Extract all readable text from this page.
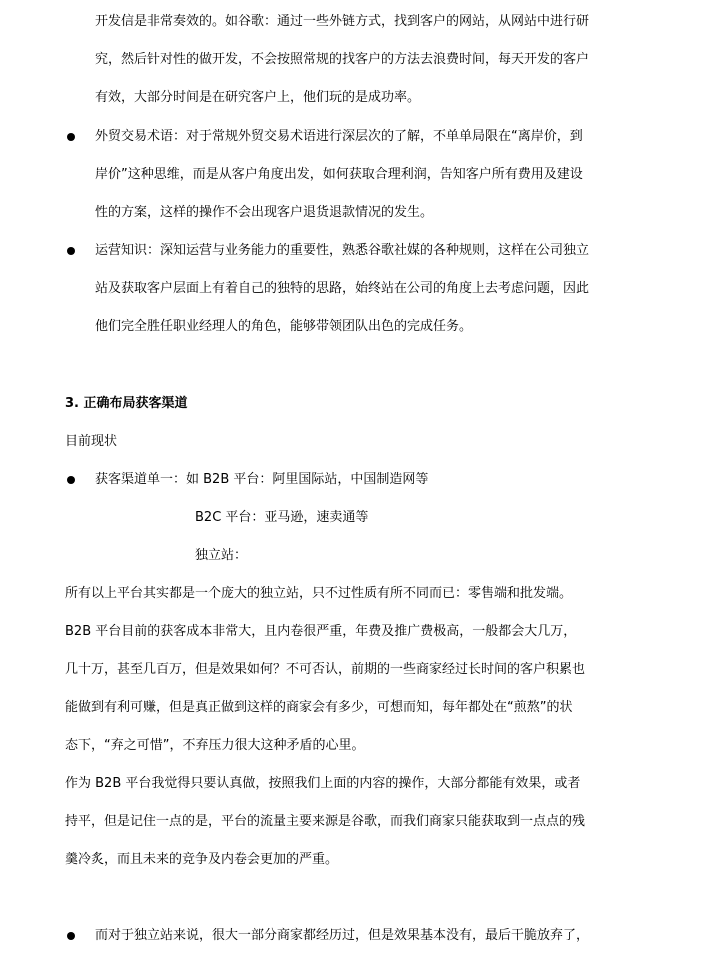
开发信是非常奏效的。如谷歌：通过一些外链方式，找到客户的网站，从网站中进行研
究，然后针对性的做开发，不会按照常规的找客户的方法去浪费时间，每天开发的客户
有效，大部分时间是在研究客户上，他们玩的是成功率。
外贸交易术语：对于常规外贸交易术语进行深层次的了解，不单单局限在“离岸价，到
岸价”这种思维，而是从客户角度出发，如何获取合理利润，告知客户所有费用及建设
性的方案，这样的操作不会出现客户退货退款情况的发生。
运营知识：深知运营与业务能力的重要性，熟悉谷歌社媒的各种规则，这样在公司独立
站及获取客户层面上有着自己的独特的思路，始终站在公司的角度上去考虑问题，因此
他们完全胜任职业经理人的角色，能够带领团队出色的完成任务。
3. 正确布局获客渠道
目前现状
获客渠道单一：如 B2B 平台：阿里国际站，中国制造网等
B2C 平台：亚马逊，速卖通等
独立站：
所有以上平台其实都是一个庞大的独立站，只不过性质有所不同而已：零售端和批发端。
B2B 平台目前的获客成本非常大，且内卷很严重，年费及推广费极高，一般都会大几万，
几十万，甚至几百万，但是效果如何？不可否认，前期的一些商家经过长时间的客户积累也
能做到有利可赚，但是真正做到这样的商家会有多少，可想而知，每年都处在“煎熬”的状
态下，“弃之可惜”，不弃压力很大这种矛盾的心里。
作为 B2B 平台我觉得只要认真做，按照我们上面的内容的操作，大部分都能有效果，或者
持平，但是记住一点的是，平台的流量主要来源是谷歌，而我们商家只能获取到一点点的残
羹冷炙，而且未来的竞争及内卷会更加的严重。
而对于独立站来说，很大一部分商家都经历过，但是效果基本没有，最后干脆放弃了，
